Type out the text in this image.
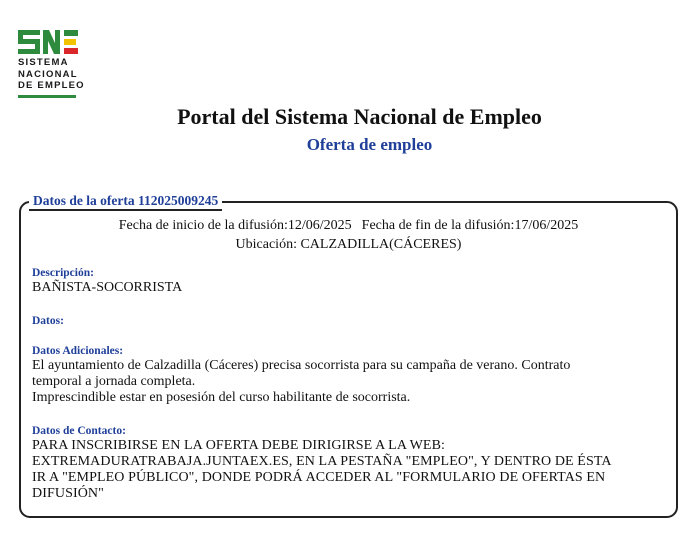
SISTEMA
NACIONAL
DE EMPLEO
Portal del Sistema Nacional de Empleo
Oferta de empleo
Datos de la oferta 112025009245
Fecha de inicio de la difusión:12/06/2025 Fecha de fin de la difusión:17/06/2025
Ubicación: CALZADILLA(CÁCERES)
Descripción:
BAÑISTA-SOCORRISTA
Datos:
Datos Adicionales:
El ayuntamiento de Calzadilla (Cáceres) precisa socorrista para su campaña de verano. Contrato
temporal a jornada completa.
Imprescindible estar en posesión del curso habilitante de socorrista.
Datos de Contacto:
PARA INSCRIBIRSE EN LA OFERTA DEBE DIRIGIRSE A LA WEB:
EXTREMADURATRABAJA.JUNTAEX.ES, EN LA PESTAÑA "EMPLEO", Y DENTRO DE ÉSTA
IR A "EMPLEO PÚBLICO", DONDE PODRÁ ACCEDER AL "FORMULARIO DE OFERTAS EN
DIFUSIÓN"
